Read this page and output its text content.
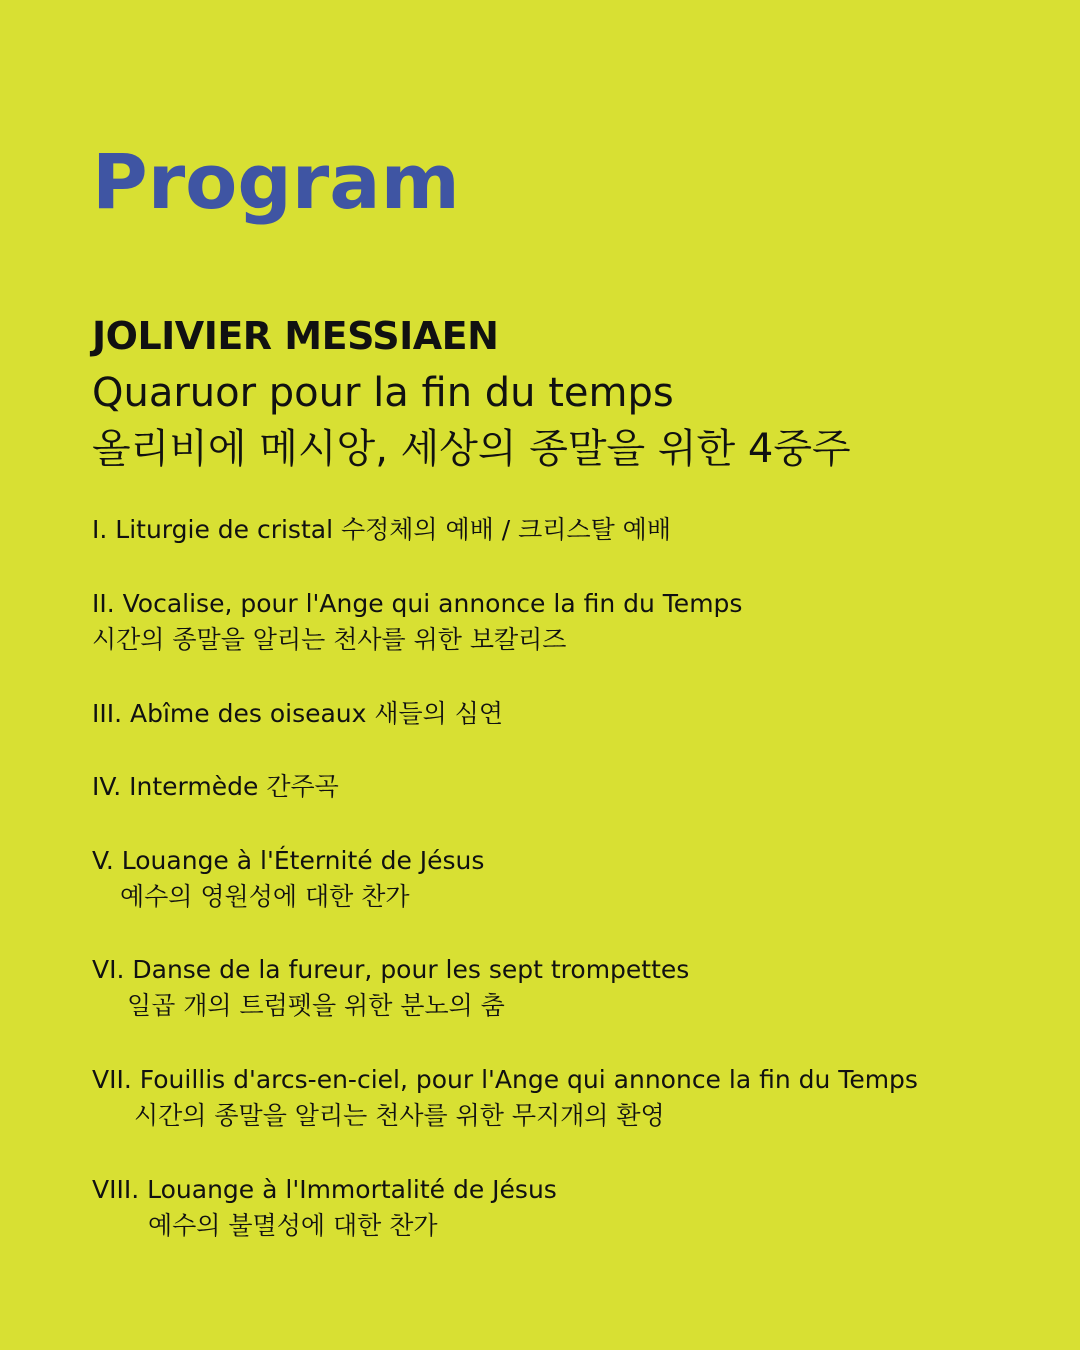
Program
JOLIVIER MESSIAEN
Quaruor pour la fin du temps
올리비에 메시앙, 세상의 종말을 위한 4중주
I. Liturgie de cristal 수정체의 예배 / 크리스탈 예배
II. Vocalise, pour l'Ange qui annonce la fin du Temps
시간의 종말을 알리는 천사를 위한 보칼리즈
III. Abîme des oiseaux 새들의 심연
IV. Intermède 간주곡
V. Louange à l'Éternité de Jésus
예수의 영원성에 대한 찬가
VI. Danse de la fureur, pour les sept trompettes
일곱 개의 트럼펫을 위한 분노의 춤
VII. Fouillis d'arcs-en-ciel, pour l'Ange qui annonce la fin du Temps
시간의 종말을 알리는 천사를 위한 무지개의 환영
VIII. Louange à l'Immortalité de Jésus
예수의 불멸성에 대한 찬가
